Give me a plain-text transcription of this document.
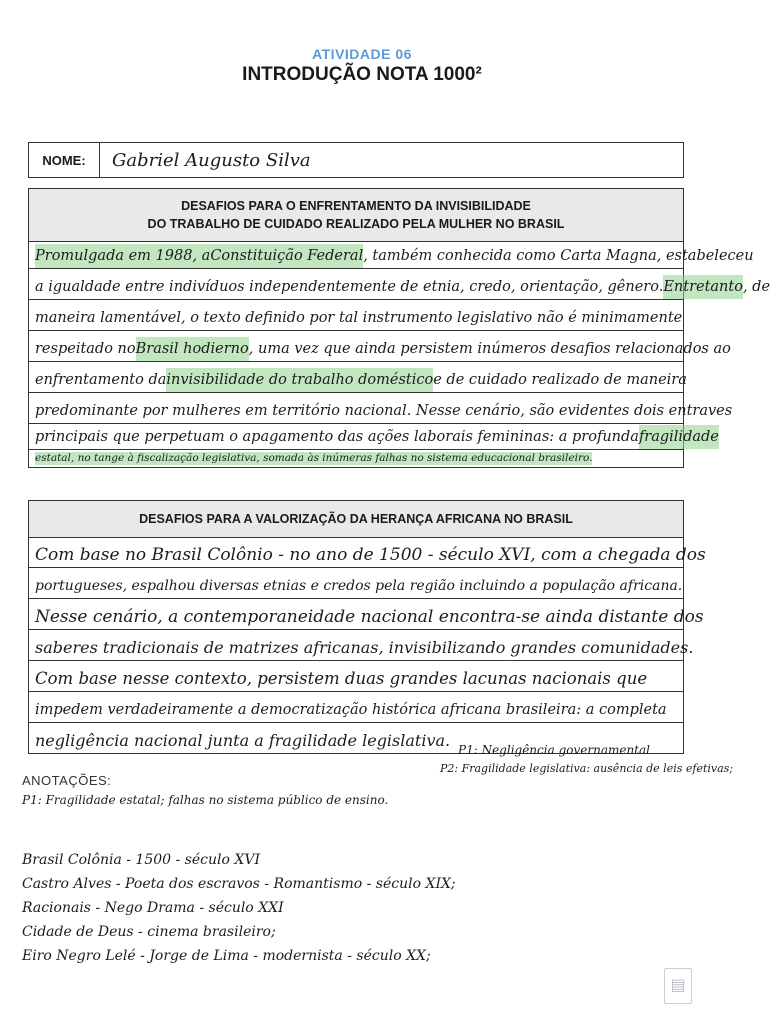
ATIVIDADE 06
INTRODUÇÃO NOTA 1000²
NOME:	Gabriel Augusto Silva
DESAFIOS PARA O ENFRENTAMENTO DA INVISIBILIDADE
DO TRABALHO DE CUIDADO REALIZADO PELA MULHER NO BRASIL
Promulgada em 1988, aConstituição Federal, também conhecida como Carta Magna, estabeleceu
a igualdade entre indivíduos independentemente de etnia, credo, orientação, gênero.Entretanto, de
maneira lamentável, o texto definido por tal instrumento legislativo não é minimamente
respeitado noBrasil hodierno, uma vez que ainda persistem inúmeros desafios relacionados ao
enfrentamento dainvisibilidade do trabalho domésticoe de cuidado realizado de maneira
predominante por mulheres em território nacional. Nesse cenário, são evidentes dois entraves
principais que perpetuam o apagamento das ações laborais femininas: a profundafragilidade
estatal, no tange à fiscalização legislativa, somada às inúmeras falhas no sistema educacional brasileiro.
DESAFIOS PARA A VALORIZAÇÃO DA HERANÇA AFRICANA NO BRASIL
Com base no Brasil Colônio - no ano de 1500 - século XVI, com a chegada dos
portugueses, espalhou diversas etnias e credos pela região incluindo a população africana.
Nesse cenário, a contemporaneidade nacional encontra-se ainda distante dos
saberes tradicionais de matrizes africanas, invisibilizando grandes comunidades.
Com base nesse contexto, persistem duas grandes lacunas nacionais que
impedem verdadeiramente a democratização histórica africana brasileira: a completa
negligência nacional junta a fragilidade legislativa. P1: Negligência governamental
P2: Fragilidade legislativa: ausência de leis efetivas;
ANOTAÇÕES:
P1: Fragilidade estatal; falhas no sistema público de ensino.
Brasil Colônia - 1500 - século XVI
Castro Alves - Poeta dos escravos - Romantismo - século XIX;
Racionais - Nego Drama - século XXI
Cidade de Deus - cinema brasileiro;
Eiro Negro Lelé - Jorge de Lima - modernista - século XX;
▤
